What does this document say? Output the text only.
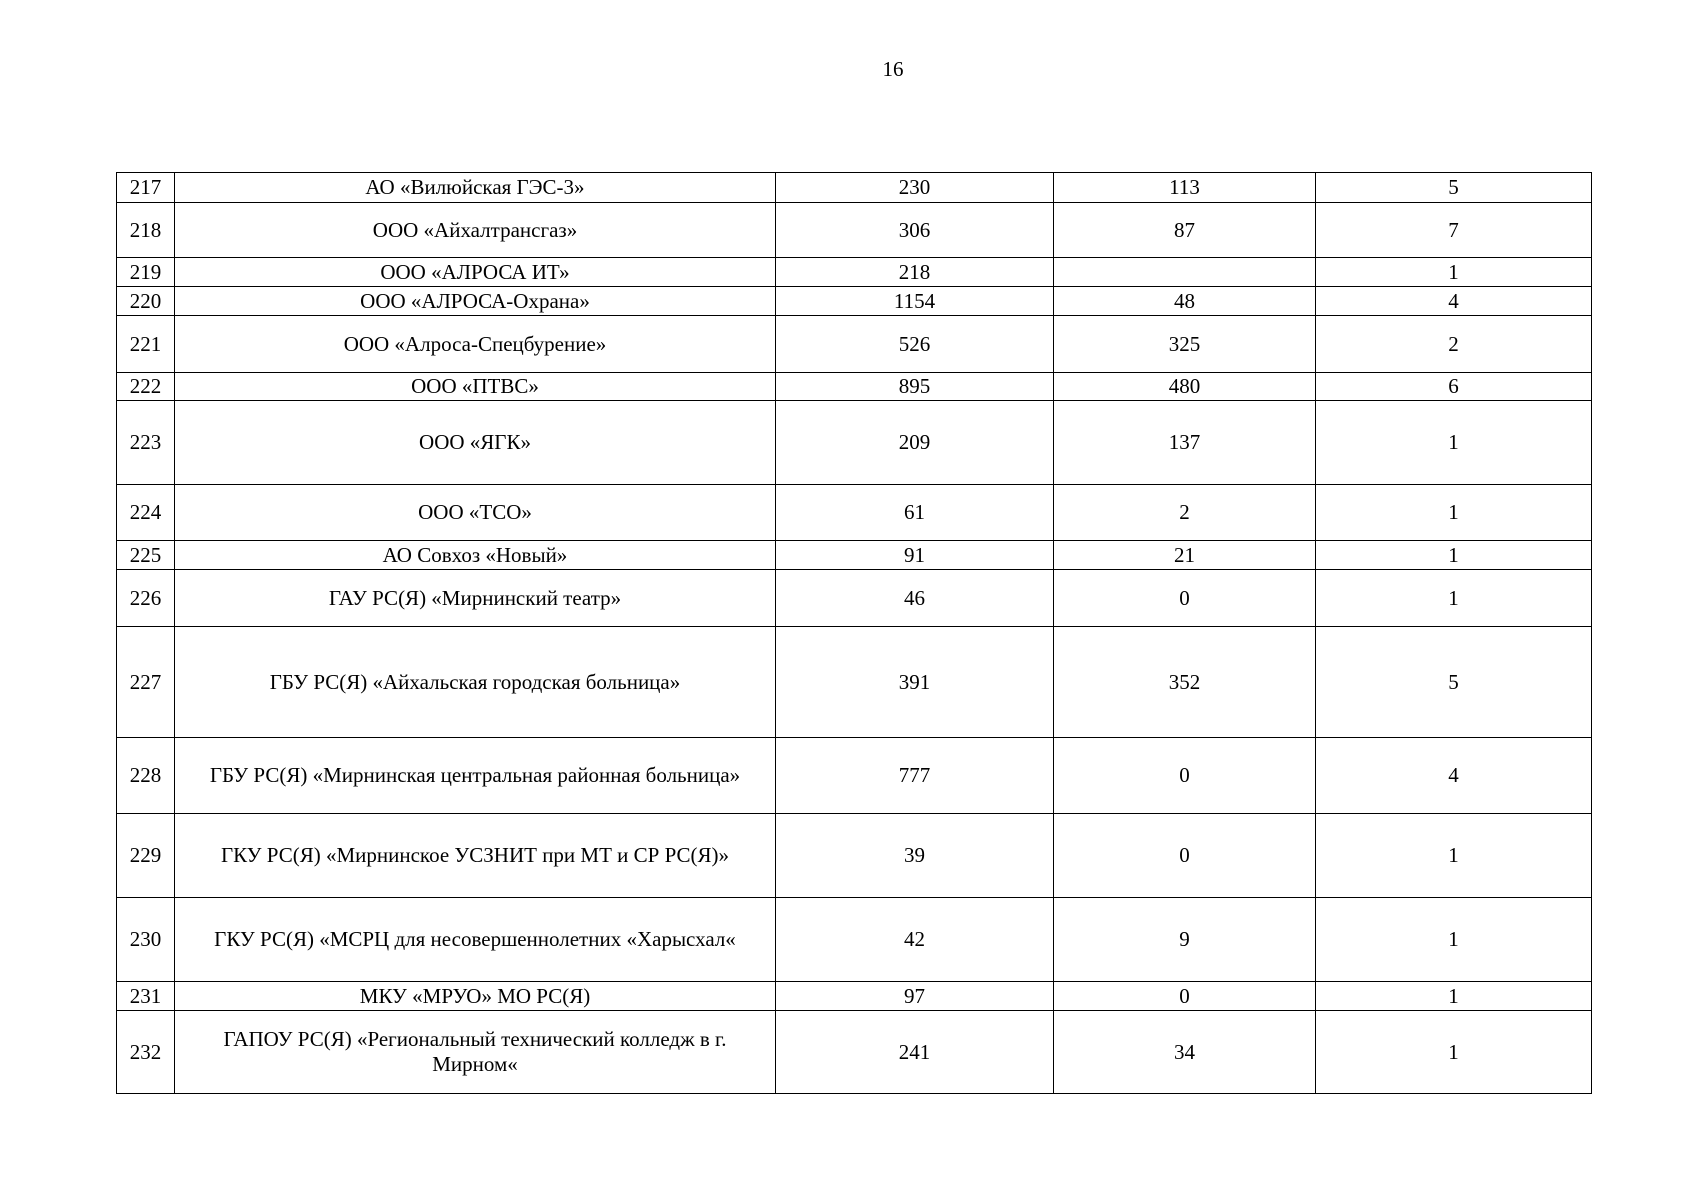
16
217	АО «Вилюйская ГЭС-3»	230	113	5
218	ООО «Айхалтрансгаз»	306	87	7
219	ООО «АЛРОСА ИТ»	218		1
220	ООО «АЛРОСА-Охрана»	1154	48	4
221	ООО «Алроса-Спецбурение»	526	325	2
222	ООО «ПТВС»	895	480	6
223	ООО «ЯГК»	209	137	1
224	ООО «ТСО»	61	2	1
225	АО Совхоз «Новый»	91	21	1
226	ГАУ РС(Я) «Мирнинский театр»	46	0	1
227	ГБУ РС(Я) «Айхальская городская больница»	391	352	5
228	ГБУ РС(Я) «Мирнинская центральная районная больница»	777	0	4
229	ГКУ РС(Я) «Мирнинское УСЗНИТ при МТ и СР РС(Я)»	39	0	1
230	ГКУ РС(Я) «МСРЦ для несовершеннолетних «Харысхал«	42	9	1
231	МКУ «МРУО» МО РС(Я)	97	0	1
232	ГАПОУ РС(Я) «Региональный технический колледж в г. Мирном«	241	34	1
